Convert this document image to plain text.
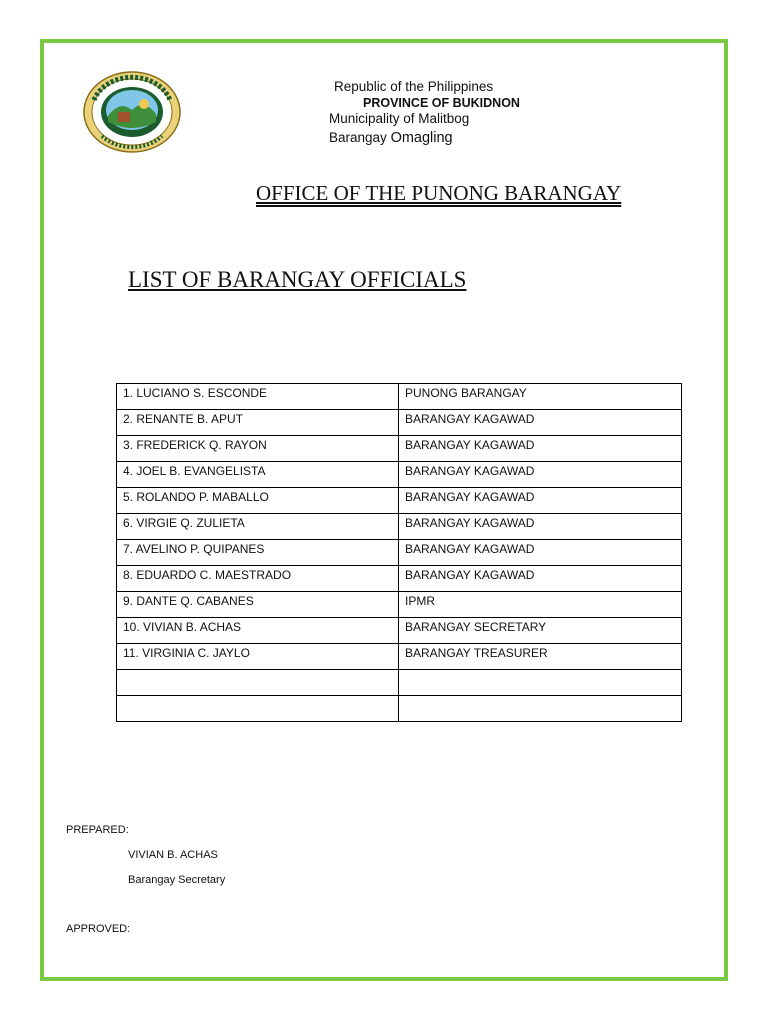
Republic of the Philippines
PROVINCE OF BUKIDNON
Municipality of Malitbog
Barangay Omagling
OFFICE OF THE PUNONG BARANGAY
LIST OF BARANGAY OFFICIALS
1. LUCIANO S. ESCONDE	PUNONG BARANGAY
2. RENANTE B. APUT	BARANGAY KAGAWAD
3. FREDERICK Q. RAYON	BARANGAY KAGAWAD
4. JOEL B. EVANGELISTA	BARANGAY KAGAWAD
5. ROLANDO P. MABALLO	BARANGAY KAGAWAD
6. VIRGIE Q. ZULIETA	BARANGAY KAGAWAD
7. AVELINO P. QUIPANES	BARANGAY KAGAWAD
8. EDUARDO C. MAESTRADO	BARANGAY KAGAWAD
9. DANTE Q. CABANES	IPMR
10. VIVIAN B. ACHAS	BARANGAY SECRETARY
11. VIRGINIA C. JAYLO	BARANGAY TREASURER

PREPARED:
VIVIAN B. ACHAS
Barangay Secretary
APPROVED:
